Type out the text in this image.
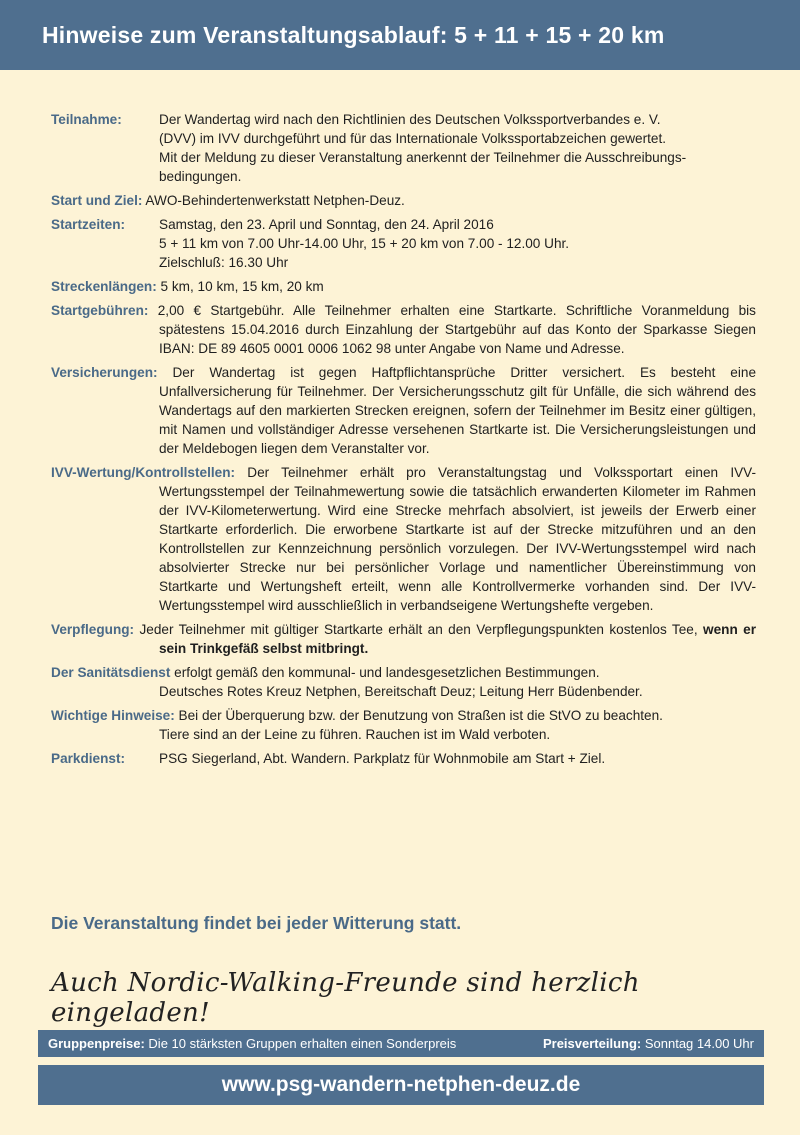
Hinweise zum Veranstaltungsablauf: 5 + 11 + 15 + 20 km
Teilnahme:	Der Wandertag wird nach den Richtlinien des Deutschen Volkssportverbandes e. V.
(DVV) im IVV durchgeführt und für das Internationale Volkssportabzeichen gewertet.
Mit der Meldung zu dieser Veranstaltung anerkennt der Teilnehmer die Ausschreibungs-
bedingungen.
Start und Ziel: AWO-Behindertenwerkstatt Netphen-Deuz.
Startzeiten:	Samstag, den 23. April und Sonntag, den 24. April 2016
5 + 11 km von 7.00 Uhr-14.00 Uhr, 15 + 20 km von 7.00 - 12.00 Uhr.
Zielschluß: 16.30 Uhr
Streckenlängen: 5 km, 10 km, 15 km, 20 km
Startgebühren: 2,00 € Startgebühr. Alle Teilnehmer erhalten eine Startkarte. Schriftliche Voranmeldung bis spätestens 15.04.2016 durch Einzahlung der Startgebühr auf das Konto der Sparkasse Siegen IBAN: DE 89 4605 0001 0006 1062 98 unter Angabe von Name und Adresse.
Versicherungen: Der Wandertag ist gegen Haftpflichtansprüche Dritter versichert. Es besteht eine Unfallversicherung für Teilnehmer. Der Versicherungsschutz gilt für Unfälle, die sich während des Wandertags auf den markierten Strecken ereignen, sofern der Teilnehmer im Besitz einer gültigen, mit Namen und vollständiger Adresse versehenen Startkarte ist. Die Versicherungsleistungen und der Meldebogen liegen dem Veranstalter vor.
IVV-Wertung/Kontrollstellen: Der Teilnehmer erhält pro Veranstaltungstag und Volkssportart einen IVV-Wertungsstempel der Teilnahmewertung sowie die tatsächlich erwanderten Kilometer im Rahmen der IVV-Kilometerwertung. Wird eine Strecke mehrfach absolviert, ist jeweils der Erwerb einer Startkarte erforderlich. Die erworbene Startkarte ist auf der Strecke mitzuführen und an den Kontrollstellen zur Kennzeichnung persönlich vorzulegen. Der IVV-Wertungsstempel wird nach absolvierter Strecke nur bei persönlicher Vorlage und namentlicher Übereinstimmung von Startkarte und Wertungsheft erteilt, wenn alle Kontrollvermerke vorhanden sind. Der IVV- Wertungsstempel wird ausschließlich in verbandseigene Wertungshefte vergeben.
Verpflegung: Jeder Teilnehmer mit gültiger Startkarte erhält an den Verpflegungspunkten kostenlos Tee, wenn er sein Trinkgefäß selbst mitbringt.
Der Sanitätsdienst erfolgt gemäß den kommunal- und landesgesetzlichen Bestimmungen.
Deutsches Rotes Kreuz Netphen, Bereitschaft Deuz; Leitung Herr Büdenbender.
Wichtige Hinweise: Bei der Überquerung bzw. der Benutzung von Straßen ist die StVO zu beachten.
Tiere sind an der Leine zu führen. Rauchen ist im Wald verboten.
Parkdienst:	PSG Siegerland, Abt. Wandern. Parkplatz für Wohnmobile am Start + Ziel.
Die Veranstaltung findet bei jeder Witterung statt.
Auch Nordic-Walking-Freunde sind herzlich eingeladen!
Gruppenpreise: Die 10 stärksten Gruppen erhalten einen Sonderpreis	Preisverteilung: Sonntag 14.00 Uhr
www.psg-wandern-netphen-deuz.de
